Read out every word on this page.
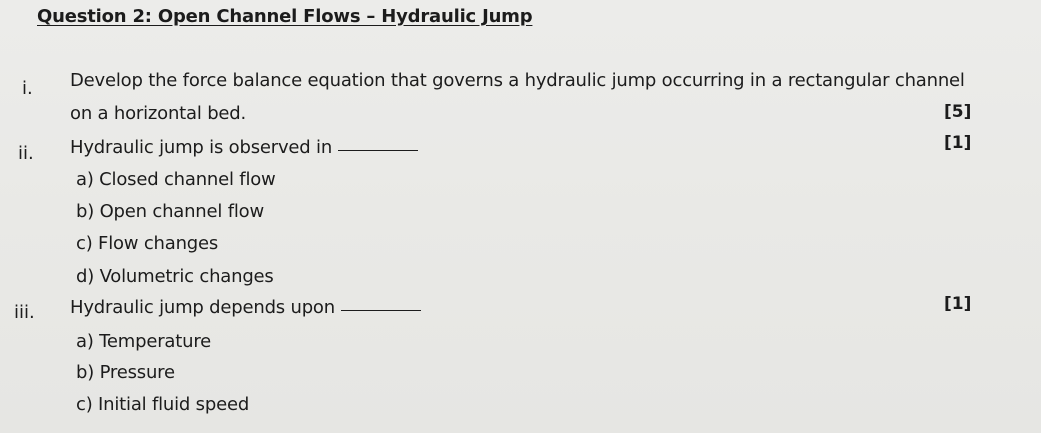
Question 2: Open Channel Flows – Hydraulic Jump
i. Develop the force balance equation that governs a hydraulic jump occurring in a rectangular channel
on a horizontal bed.	[5]
ii. Hydraulic jump is observed in	[1]
a) Closed channel flow
b) Open channel flow
c) Flow changes
d) Volumetric changes
iii. Hydraulic jump depends upon	[1]
a) Temperature
b) Pressure
c) Initial fluid speed
